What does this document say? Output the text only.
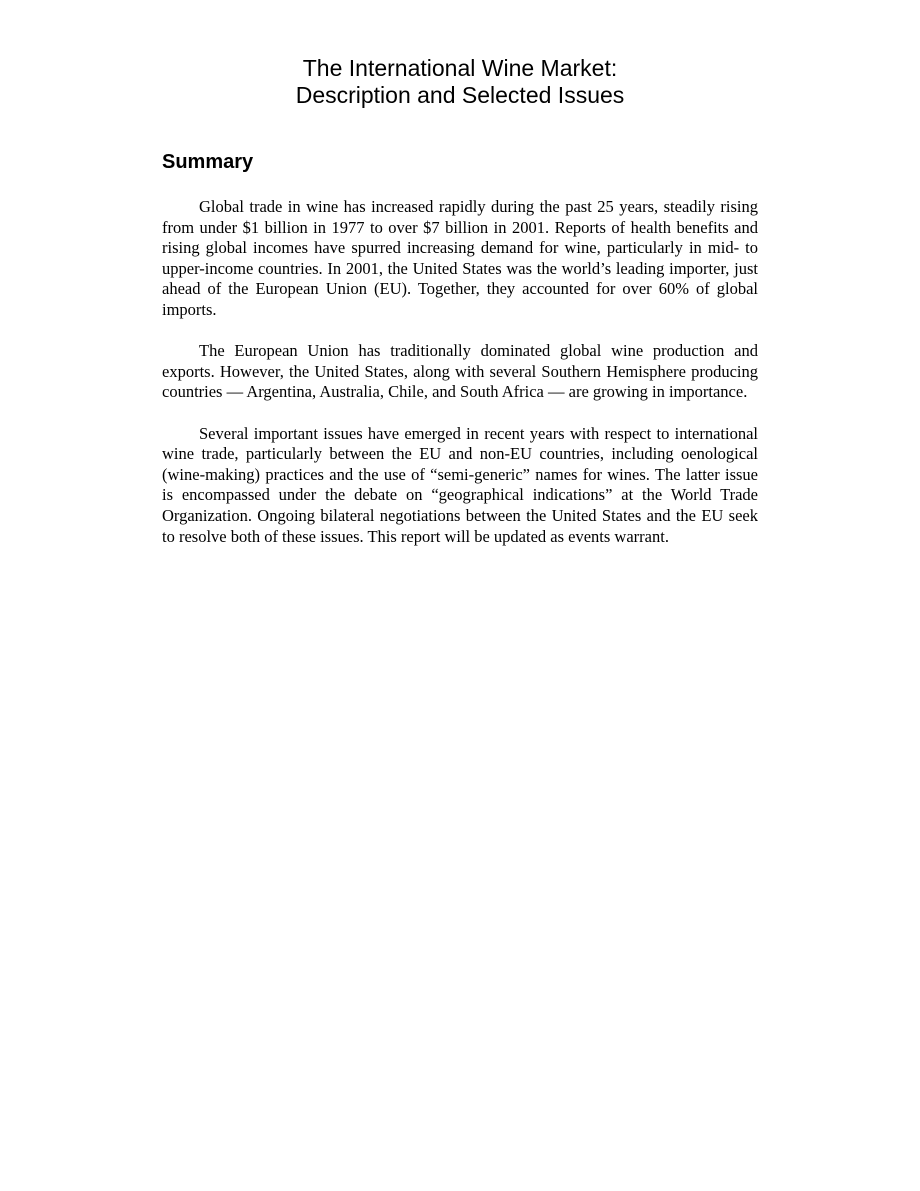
The International Wine Market:
Description and Selected Issues
Summary

Global trade in wine has increased rapidly during the past 25 years, steadily rising from under $1 billion in 1977 to over $7 billion in 2001. Reports of health benefits and rising global incomes have spurred increasing demand for wine, particularly in mid- to upper-income countries. In 2001, the United States was the world’s leading importer, just ahead of the European Union (EU). Together, they accounted for over 60% of global imports.

The European Union has traditionally dominated global wine production and exports. However, the United States, along with several Southern Hemisphere producing countries — Argentina, Australia, Chile, and South Africa — are growing in importance.

Several important issues have emerged in recent years with respect to international wine trade, particularly between the EU and non-EU countries, including oenological (wine-making) practices and the use of “semi-generic” names for wines. The latter issue is encompassed under the debate on “geographical indications” at the World Trade Organization. Ongoing bilateral negotiations between the United States and the EU seek to resolve both of these issues. This report will be updated as events warrant.
